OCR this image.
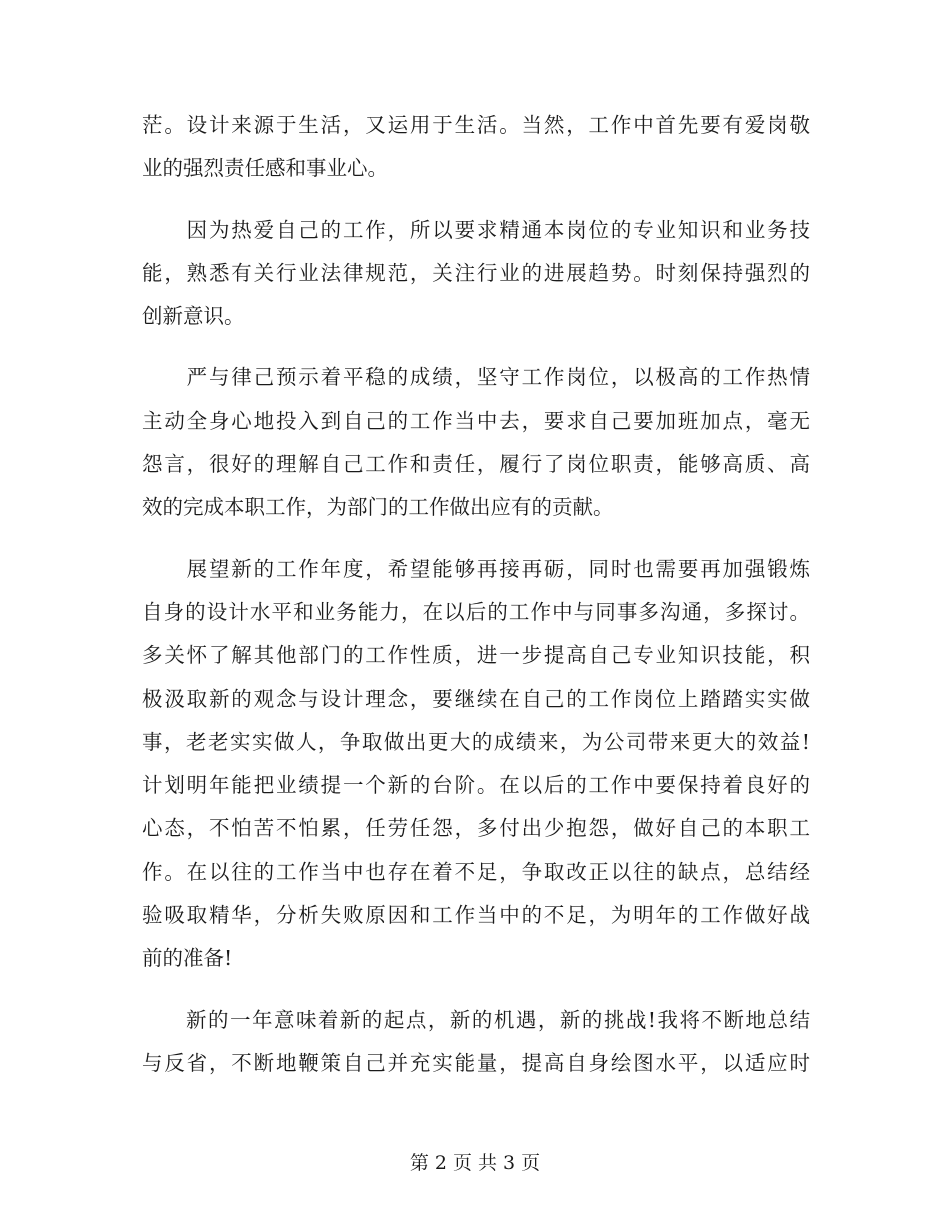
茫。设计来源于生活，又运用于生活。当然，工作中首先要有爱岗敬
业的强烈责任感和事业心。
　　因为热爱自己的工作，所以要求精通本岗位的专业知识和业务技
能，熟悉有关行业法律规范，关注行业的进展趋势。时刻保持强烈的
创新意识。
　　严与律己预示着平稳的成绩，坚守工作岗位，以极高的工作热情
主动全身心地投入到自己的工作当中去，要求自己要加班加点，毫无
怨言，很好的理解自己工作和责任，履行了岗位职责，能够高质、高
效的完成本职工作，为部门的工作做出应有的贡献。
　　展望新的工作年度，希望能够再接再砺，同时也需要再加强锻炼
自身的设计水平和业务能力，在以后的工作中与同事多沟通，多探讨。
多关怀了解其他部门的工作性质，进一步提高自己专业知识技能，积
极汲取新的观念与设计理念，要继续在自己的工作岗位上踏踏实实做
事，老老实实做人，争取做出更大的成绩来，为公司带来更大的效益!
计划明年能把业绩提一个新的台阶。在以后的工作中要保持着良好的
心态，不怕苦不怕累，任劳任怨，多付出少抱怨，做好自己的本职工
作。在以往的工作当中也存在着不足，争取改正以往的缺点，总结经
验吸取精华，分析失败原因和工作当中的不足，为明年的工作做好战
前的准备!
　　新的一年意味着新的起点，新的机遇，新的挑战!我将不断地总结
与反省，不断地鞭策自己并充实能量，提高自身绘图水平，以适应时
第 2 页 共 3 页
